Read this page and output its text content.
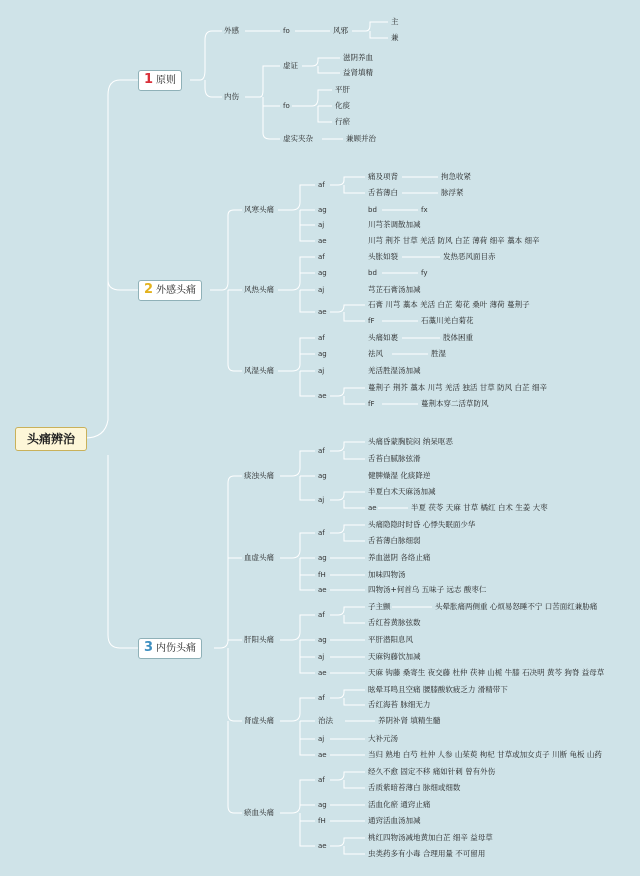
头痛辨治
1 原则
2 外感头痛
3 内伤头痛
外感	fo	风邪
主
兼
内伤
虚证
滋阴养血
益肾填精
fo
平肝
化痰
行瘀
虚实夹杂	兼顾并治
风寒头痛
af
痛及项背	拘急收紧
舌苔薄白	脉浮紧
ag	bd	fx
aj	川芎茶调散加减
ae	川芎 荆芥 甘草 羌活 防风 白芷 薄荷 细辛 藁本 细辛
风热头痛
af	头胀如裂	发热恶风面目赤
ag	bd	fy
aj	芎芷石膏汤加减
ae
石膏 川芎 藁本 羌活 白芷 菊花 桑叶 薄荷 蔓荆子
fF	石藁川羌白菊花
风湿头痛
af	头痛如裹	肢体困重
ag	祛风	胜湿
aj	羌活胜湿汤加减
ae
蔓荆子 荆芥 藁本 川芎 羌活 独活 甘草 防风 白芷 细辛
fF	蔓荆本穿二活草防风
痰浊头痛
af
头痛昏蒙胸脘闷 纳呆呕恶
舌苔白腻脉弦滑
ag	健脾燥湿 化痰降逆
aj
半夏白术天麻汤加减
ae	半夏 茯苓 天麻 甘草 橘红 白术 生姜 大枣
血虚头痛
af
头痛隐隐时时昏 心悸失眠面少华
舌苔薄白脉细弱
ag	养血滋阴 各络止痛
fH	加味四物汤
ae	四物汤+何首乌 五味子 远志 酸枣仁
肝阳头痛
af
子主颤	头晕胀痛两侧重 心烦易怒睡不宁 口苦面红兼胁痛
舌红苔黄脉弦数
ag	平肝潜阳息风
aj	天麻钩藤饮加减
ae	天麻 钩藤 桑寄生 夜交藤 杜仲 茯神 山栀 牛膝 石决明 黄芩 狗脊 益母草
肾虚头痛
af
眩晕耳鸣且空痛 腰膝酸软疲乏力 滑精带下
舌红海苔 脉细无力
治法	养阴补肾 填精生髓
aj	大补元汤
ae	当归 熟地 白芍 杜仲 人参 山茱萸 枸杞 甘草或加女贞子 川断 龟板 山药
瘀血头痛
af
经久不愈 固定不移 痛如针刺 曾有外伤
舌质紫暗苔薄白 脉细或细数
ag	活血化瘀 通窍止痛
fH	通窍活血汤加减
ae
桃红四物汤减地黄加白芷 细辛 益母草
虫类药多有小毒 合理用量 不可留用
